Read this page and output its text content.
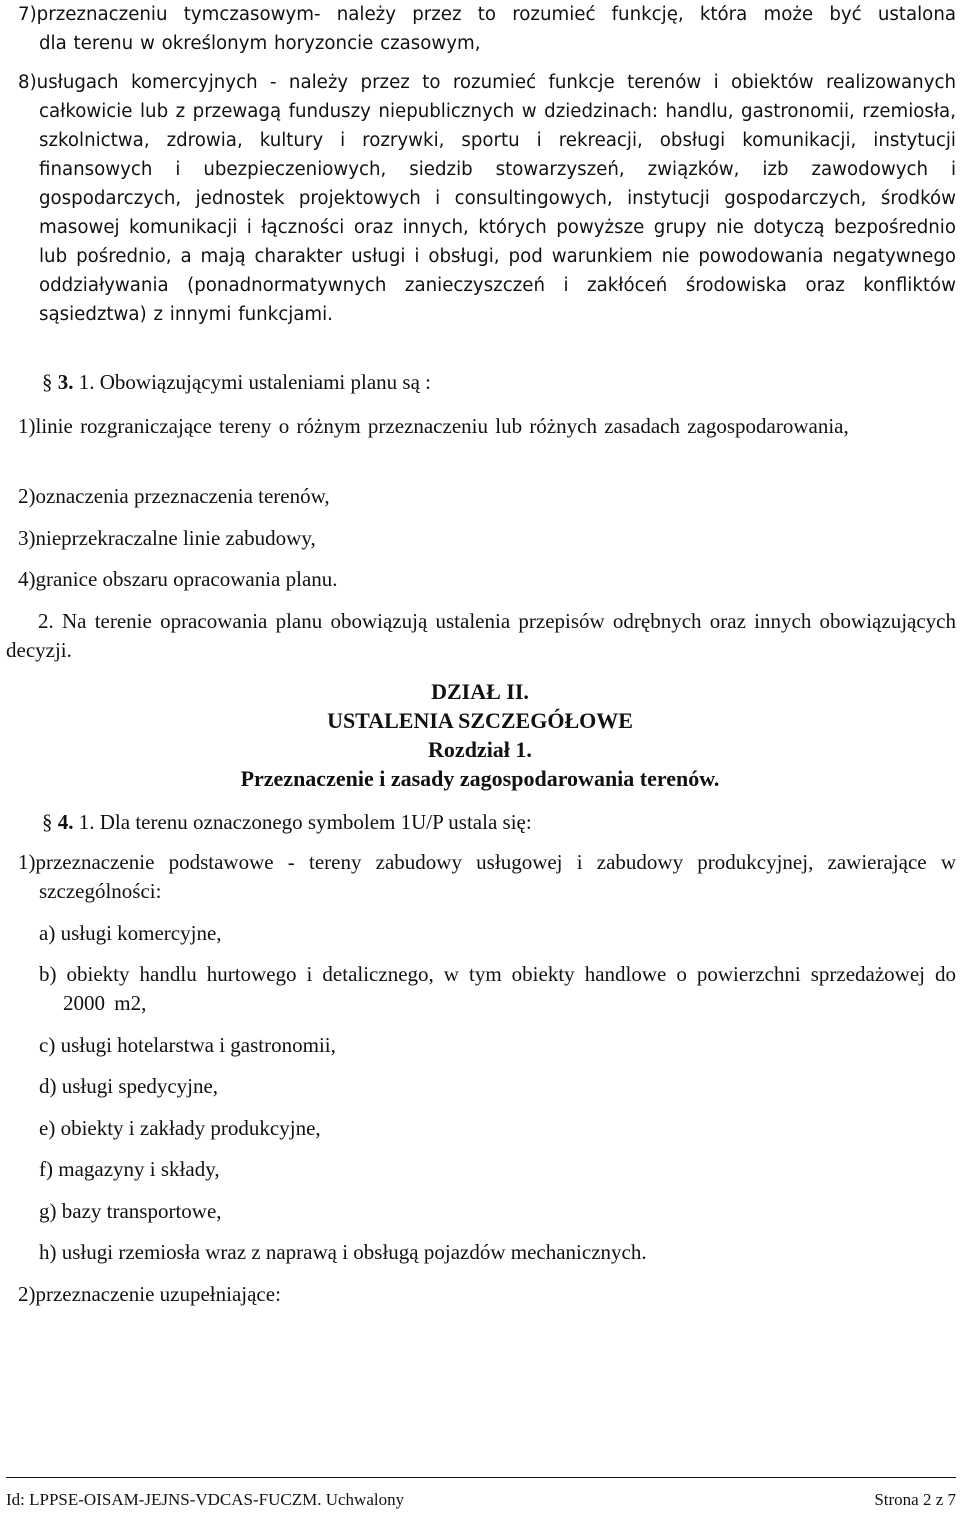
7)przeznaczeniu tymczasowym- należy przez to rozumieć funkcję, która może być ustalona

dla terenu w określonym horyzoncie czasowym,

8)usługach komercyjnych - należy przez to rozumieć funkcje terenów i obiektów realizowanych całkowicie lub z przewagą funduszy niepublicznych w dziedzinach: handlu, gastronomii, rzemiosła, szkolnictwa, zdrowia, kultury i rozrywki, sportu i rekreacji, obsługi komunikacji, instytucji finansowych i ubezpieczeniowych, siedzib stowarzyszeń, związków, izb zawodowych i gospodarczych, jednostek projektowych i consultingowych, instytucji gospodarczych, środków masowej komunikacji i łączności oraz innych, których powyższe grupy nie dotyczą bezpośrednio lub pośrednio, a mają charakter usługi i obsługi, pod warunkiem nie powodowania negatywnego oddziaływania (ponadnormatywnych zanieczyszczeń i zakłóceń środowiska oraz konfliktów sąsiedztwa) z innymi funkcjami.

§ 3. 1. Obowiązującymi ustaleniami planu są :

1)linie rozgraniczające tereny o różnym przeznaczeniu lub różnych zasadach zagospodarowania,

2)oznaczenia przeznaczenia terenów,

3)nieprzekraczalne linie zabudowy,

4)granice obszaru opracowania planu.

2. Na terenie opracowania planu obowiązują ustalenia przepisów odrębnych oraz innych obowiązujących decyzji.

DZIAŁ II.

USTALENIA SZCZEGÓŁOWE

Rozdział 1.

Przeznaczenie i zasady zagospodarowania terenów.

§ 4. 1. Dla terenu oznaczonego symbolem 1U/P ustala się:

1)przeznaczenie podstawowe - tereny zabudowy usługowej i zabudowy produkcyjnej, zawierające w szczególności:

a) usługi komercyjne,

b) obiekty handlu hurtowego i detalicznego, w tym obiekty handlowe o powierzchni sprzedażowej do 2000 m2,

c) usługi hotelarstwa i gastronomii,

d) usługi spedycyjne,

e) obiekty i zakłady produkcyjne,

f) magazyny i składy,

g) bazy transportowe,

h) usługi rzemiosła wraz z naprawą i obsługą pojazdów mechanicznych.

2)przeznaczenie uzupełniające:

Id: LPPSE-OISAM-JEJNS-VDCAS-FUCZM. Uchwalony	Strona 2 z 7
